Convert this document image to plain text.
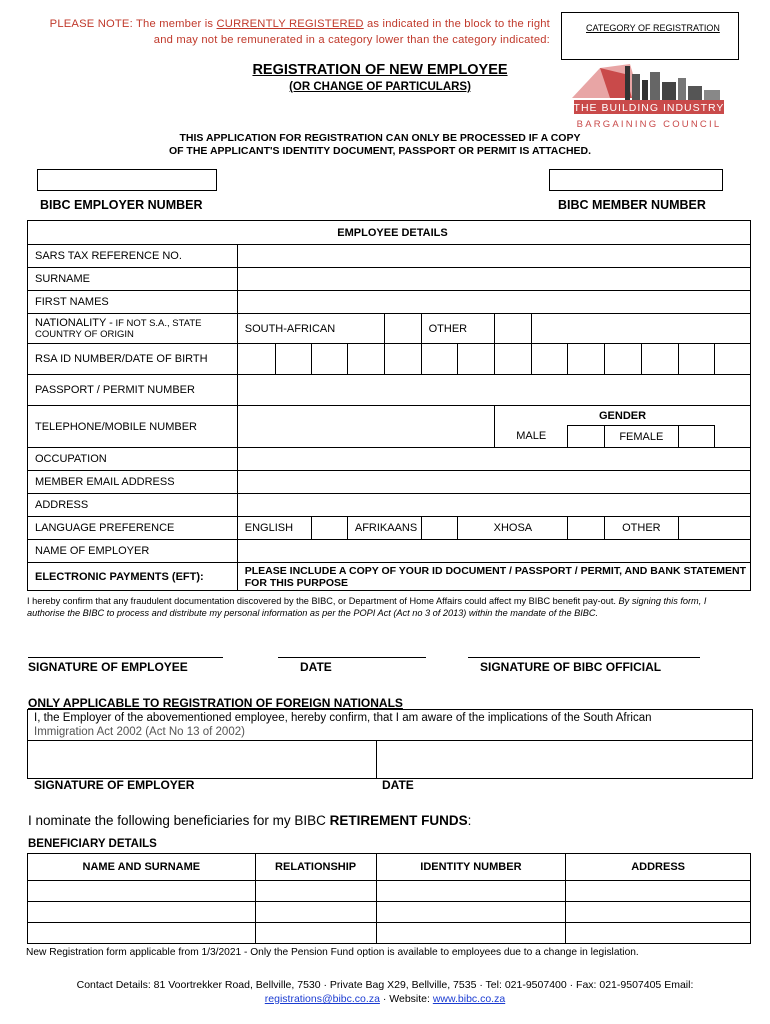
PLEASE NOTE: The member is CURRENTLY REGISTERED as indicated in the block to the right and may not be remunerated in a category lower than the category indicated:
CATEGORY OF REGISTRATION
REGISTRATION OF NEW EMPLOYEE
(OR CHANGE OF PARTICULARS)
THE BUILDING INDUSTRY
BARGAINING COUNCIL
THIS APPLICATION FOR REGISTRATION CAN ONLY BE PROCESSED IF A COPY
OF THE APPLICANT'S IDENTITY DOCUMENT, PASSPORT OR PERMIT IS ATTACHED.
BIBC EMPLOYER NUMBER	BIBC MEMBER NUMBER
EMPLOYEE DETAILS														
SARS TAX REFERENCE NO.														
SURNAME														
FIRST NAMES														
NATIONALITY - IF NOT S.A., STATE
COUNTRY OF ORIGIN	SOUTH-AFRICAN					OTHER								
RSA ID NUMBER/DATE OF BIRTH														
PASSPORT / PERMIT NUMBER														
TELEPHONE/MOBILE NUMBER								GENDER						
								MALE			FEMALE			
OCCUPATION														
MEMBER EMAIL ADDRESS														
ADDRESS														
LANGUAGE PREFERENCE	ENGLISH			AFRIKAANS			XHOSA				OTHER			
NAME OF EMPLOYER														
ELECTRONIC PAYMENTS (EFT):	PLEASE INCLUDE A COPY OF YOUR ID DOCUMENT / PASSPORT / PERMIT, AND BANK STATEMENT FOR THIS PURPOSE													
I hereby confirm that any fraudulent documentation discovered by the BIBC, or Department of Home Affairs could affect my BIBC benefit pay-out. By signing this form, I authorise the BIBC to process and distribute my personal information as per the POPI Act (Act no 3 of 2013) within the mandate of the BIBC.
SIGNATURE OF EMPLOYEE	DATE	SIGNATURE OF BIBC OFFICIAL
ONLY APPLICABLE TO REGISTRATION OF FOREIGN NATIONALS
I, the Employer of the abovementioned employee, hereby confirm, that I am aware of the implications of the South African
Immigration Act 2002 (Act No 13 of 2002)
SIGNATURE OF EMPLOYER	DATE
I nominate the following beneficiaries for my BIBC RETIREMENT FUNDS:
BENEFICIARY DETAILS
NAME AND SURNAME	RELATIONSHIP	IDENTITY NUMBER	ADDRESS

New Registration form applicable from 1/3/2021 - Only the Pension Fund option is available to employees due to a change in legislation.
Contact Details: 81 Voortrekker Road, Bellville, 7530 · Private Bag X29, Bellville, 7535 · Tel: 021-9507400 · Fax: 021-9507405 Email:
registrations@bibc.co.za · Website: www.bibc.co.za
